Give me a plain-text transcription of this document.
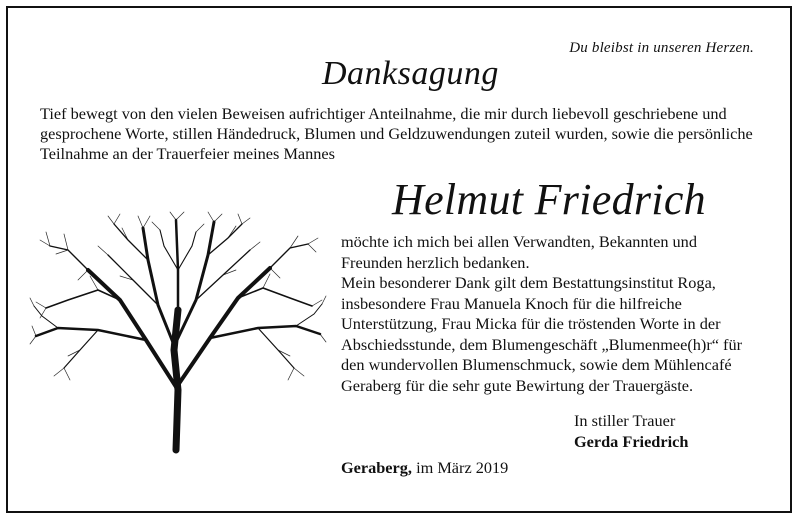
Du bleibst in unseren Herzen.
Danksagung
Tief bewegt von den vielen Beweisen aufrichtiger Anteilnahme, die mir durch liebevoll geschriebene und gesprochene Worte, stillen Händedruck, Blumen und Geldzuwendungen zuteil wurden, sowie die persönliche Teilnahme an der Trauerfeier meines Mannes
Helmut Friedrich

möchte ich mich bei allen Verwandten, Bekannten und Freunden herzlich bedanken.

Mein besonderer Dank gilt dem Bestattungsinstitut Roga, insbesondere Frau Manuela Knoch für die hilfreiche Unterstützung, Frau Micka für die tröstenden Worte in der Abschiedsstunde, dem Blumengeschäft „Blumenmee(h)r“ für den wundervollen Blumenschmuck, sowie dem Mühlencafé Geraberg für die sehr gute Bewirtung der Trauergäste.

In stiller Trauer
Gerda Friedrich
Geraberg, im März 2019
